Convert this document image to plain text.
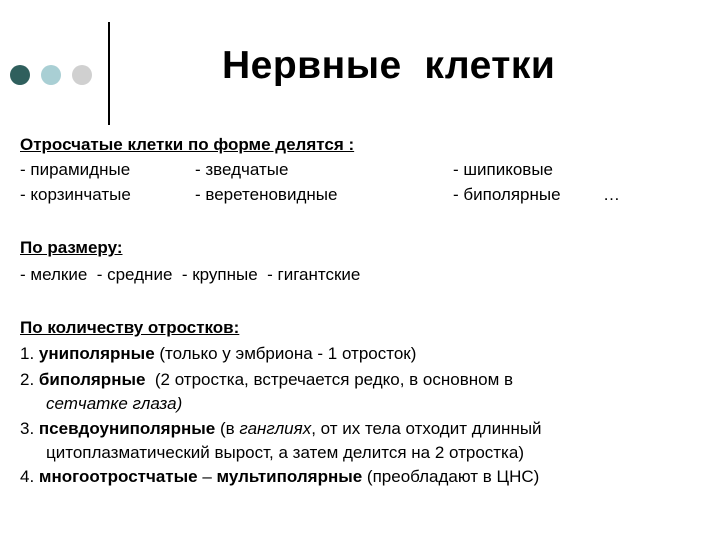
Нервные  клетки
Отросчатые клетки по форме делятся :
- пирамидные	- зведчатые	- шипиковые
- корзинчатые	- веретеновидные	- биполярные …
По размеру:
- мелкие  - средние  - крупные  - гигантские
По количеству отростков:
1. униполярные (только у эмбриона - 1 отросток)
2. биполярные  (2 отростка, встречается редко, в основном в
сетчатке глаза)
3. псевдоуниполярные (в ганглиях, от их тела отходит длинный
цитоплазматический вырост, а затем делится на 2 отростка)
4. многоотростчатые – мультиполярные (преобладают в ЦНС)
